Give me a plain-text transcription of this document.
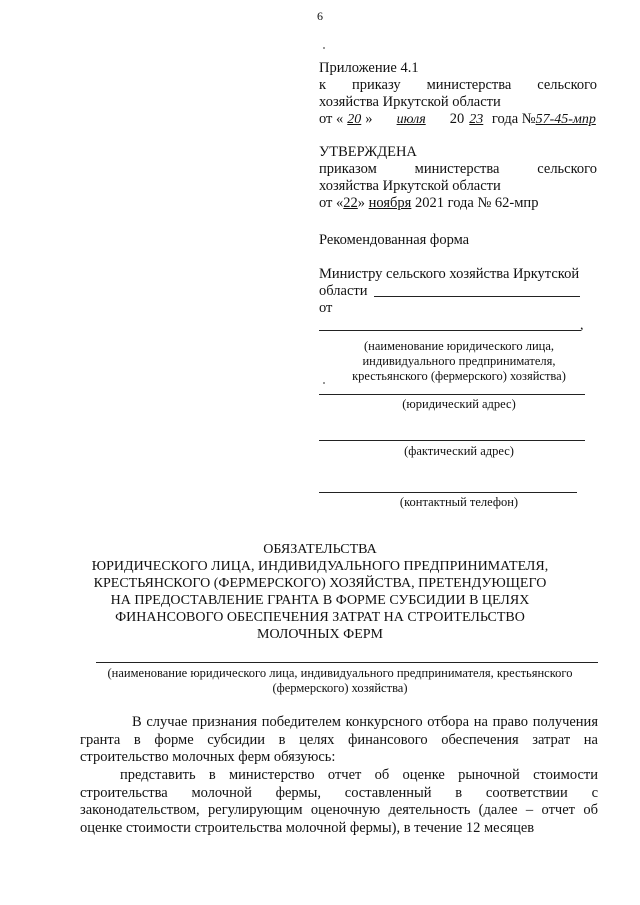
6
Приложение 4.1
к приказу министерства сельского
хозяйства Иркутской области
от « 20 » июля 20 23 года №57-45-мпр
УТВЕРЖДЕНА
приказом министерства сельского
хозяйства Иркутской области
от «22» ноября 2021 года № 62-мпр
Рекомендованная форма
Министру сельского хозяйства Иркутской
области
от
,
(наименование юридического лица,
индивидуального предпринимателя,
крестьянского (фермерского) хозяйства)
(юридический адрес)
(фактический адрес)
(контактный телефон)
ОБЯЗАТЕЛЬСТВА
ЮРИДИЧЕСКОГО ЛИЦА, ИНДИВИДУАЛЬНОГО ПРЕДПРИНИМАТЕЛЯ,
КРЕСТЬЯНСКОГО (ФЕРМЕРСКОГО) ХОЗЯЙСТВА, ПРЕТЕНДУЮЩЕГО
НА ПРЕДОСТАВЛЕНИЕ ГРАНТА В ФОРМЕ СУБСИДИИ В ЦЕЛЯХ
ФИНАНСОВОГО ОБЕСПЕЧЕНИЯ ЗАТРАТ НА СТРОИТЕЛЬСТВО
МОЛОЧНЫХ ФЕРМ
(наименование юридического лица, индивидуального предпринимателя, крестьянского
(фермерского) хозяйства)
В случае признания победителем конкурсного отбора на право получения гранта в форме субсидии в целях финансового обеспечения затрат на строительство молочных ферм обязуюсь:
представить в министерство отчет об оценке рыночной стоимости строительства молочной фермы, составленный в соответствии с законодательством, регулирующим оценочную деятельность (далее – отчет об оценке стоимости строительства молочной фермы), в течение 12 месяцев
